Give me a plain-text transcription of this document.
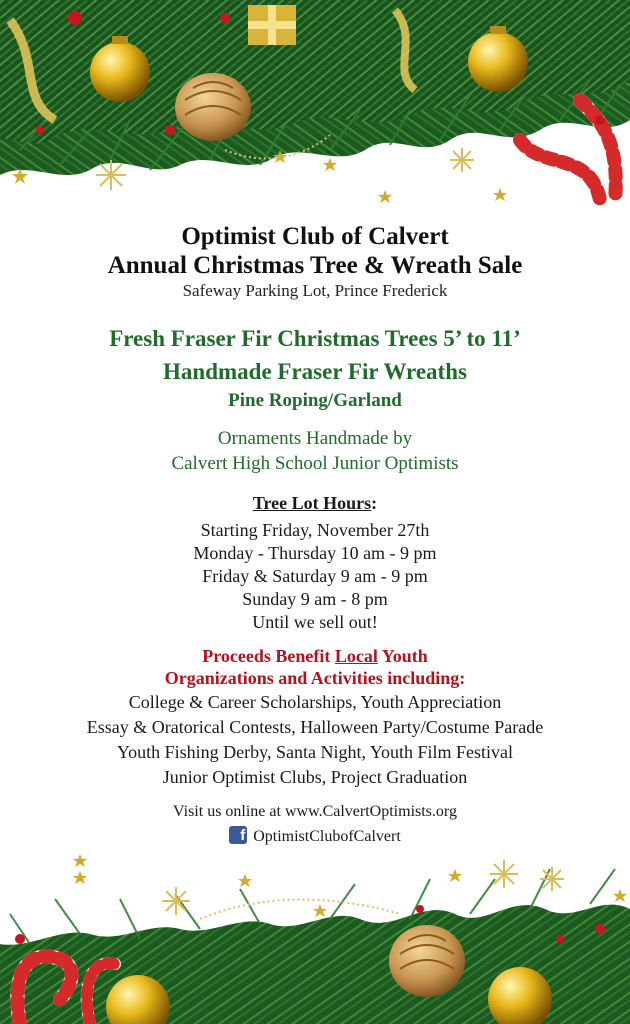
Optimist Club of Calvert
Annual Christmas Tree & Wreath Sale
Safeway Parking Lot, Prince Frederick
Fresh Fraser Fir Christmas Trees 5’ to 11’
Handmade Fraser Fir Wreaths
Pine Roping/Garland
Ornaments Handmade by
Calvert High School Junior Optimists
Tree Lot Hours:
Starting Friday, November 27th
Monday - Thursday 10 am - 9 pm
Friday & Saturday 9 am - 9 pm
Sunday 9 am - 8 pm
Until we sell out!
Proceeds Benefit Local Youth
Organizations and Activities including:
College & Career Scholarships, Youth Appreciation
Essay & Oratorical Contests, Halloween Party/Costume Parade
Youth Fishing Derby, Santa Night, Youth Film Festival
Junior Optimist Clubs, Project Graduation
Visit us online at www.CalvertOptimists.org
f OptimistClubofCalvert
